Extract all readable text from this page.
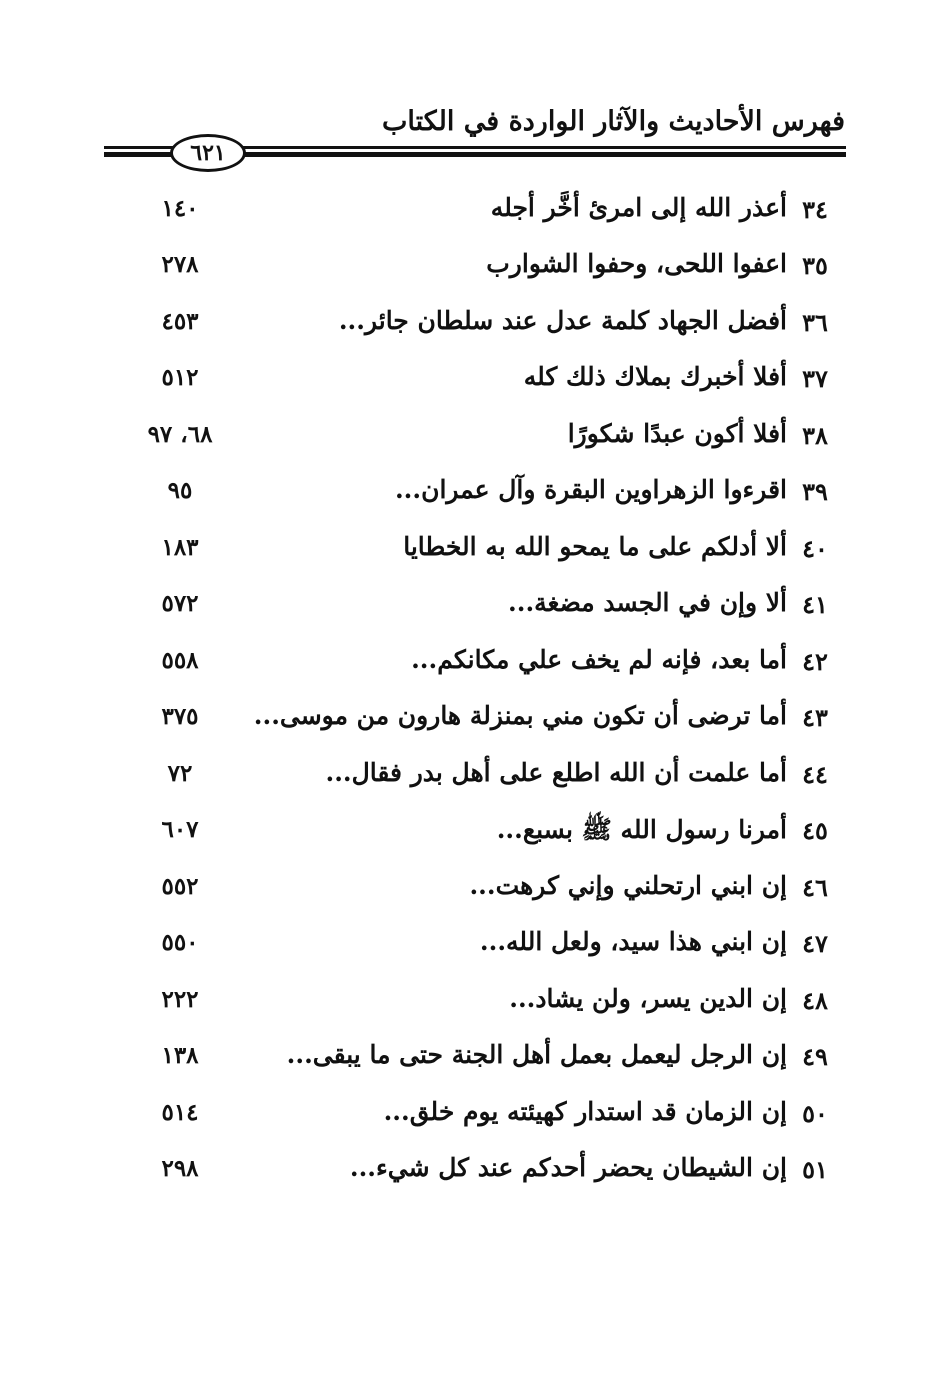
فهرس الأحاديث والآثار الواردة في الكتاب
٦٢١
٣٤
أعذر الله إلى امرئ أخَّر أجله
١٤٠
٣٥
اعفوا اللحى، وحفوا الشوارب
٢٧٨
٣٦
أفضل الجهاد كلمة عدل عند سلطان جائر...
٤٥٣
٣٧
أفلا أخبرك بملاك ذلك كله
٥١٢
٣٨
أفلا أكون عبدًا شكورًا
٦٨، ٩٧
٣٩
اقرءوا الزهراوين البقرة وآل عمران...
٩٥
٤٠
ألا أدلكم على ما يمحو الله به الخطايا
١٨٣
٤١
ألا وإن في الجسد مضغة...
٥٧٢
٤٢
أما بعد، فإنه لم يخف علي مكانكم...
٥٥٨
٤٣
أما ترضى أن تكون مني بمنزلة هارون من موسى...
٣٧٥
٤٤
أما علمت أن الله اطلع على أهل بدر فقال...
٧٢
٤٥
أمرنا رسول الله ﷺ بسبع...
٦٠٧
٤٦
إن ابني ارتحلني وإني كرهت...
٥٥٢
٤٧
إن ابني هذا سيد، ولعل الله...
٥٥٠
٤٨
إن الدين يسر، ولن يشاد...
٢٢٢
٤٩
إن الرجل ليعمل بعمل أهل الجنة حتى ما يبقى...
١٣٨
٥٠
إن الزمان قد استدار كهيئته يوم خلق...
٥١٤
٥١
إن الشيطان يحضر أحدكم عند كل شيء...
٢٩٨
